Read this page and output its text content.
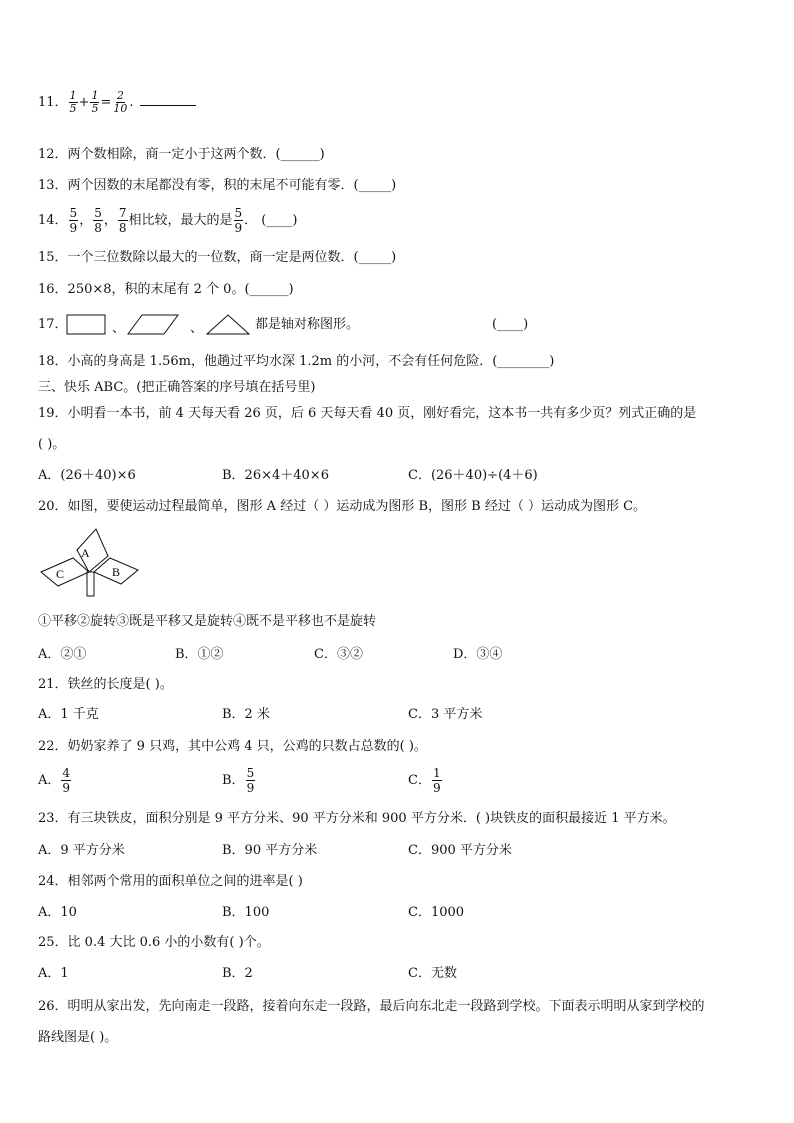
11． $\frac{1}{5} + \frac{1}{5} = \frac{2}{10}$ .
12．两个数相除，商一定小于这两个数．(______)
13．两个因数的末尾都没有零，积的末尾不可能有零．(_____)
14． $\frac{5}{9}$ ， $\frac{5}{8}$ ， $\frac{7}{8}$ 相比较，最大的是 $\frac{5}{9}$ ． (____)
15．一个三位数除以最大的一位数，商一定是两位数．(_____)
16．250×8，积的末尾有 2 个 0。(______)
17．	、	、	都是轴对称图形。	(____)
18．小高的身高是 1.56m，他趟过平均水深 1.2m 的小河，不会有任何危险．(________)
三、快乐 ABC。(把正确答案的序号填在括号里)
19．小明看一本书，前 4 天每天看 26 页，后 6 天每天看 40 页，刚好看完，这本书一共有多少页？列式正确的是
( )。
A．(26＋40)×6	B．26×4＋40×6	C．(26＋40)÷(4＋6)
20．如图，要使运动过程最简单，图形 A 经过（ ）运动成为图形 B，图形 B 经过（ ）运动成为图形 C。
A
C	B
①平移②旋转③既是平移又是旋转④既不是平移也不是旋转
A．②①	B．①②	C．③②	D．③④
21．铁丝的长度是( )。
A．1 千克	B．2 米	C．3 平方米
22．奶奶家养了 9 只鸡，其中公鸡 4 只，公鸡的只数占总数的( )。
A． $\frac{4}{9}$	B． $\frac{5}{9}$	C． $\frac{1}{9}$
23．有三块铁皮，面积分别是 9 平方分米、90 平方分米和 900 平方分米．( )块铁皮的面积最接近 1 平方米。
A．9 平方分米	B．90 平方分米	C．900 平方分米
24．相邻两个常用的面积单位之间的进率是( )
A．10	B．100	C．1000
25．比 0.4 大比 0.6 小的小数有( )个。
A．1	B．2	C．无数
26．明明从家出发，先向南走一段路，接着向东走一段路，最后向东北走一段路到学校。下面表示明明从家到学校的
路线图是( )。
